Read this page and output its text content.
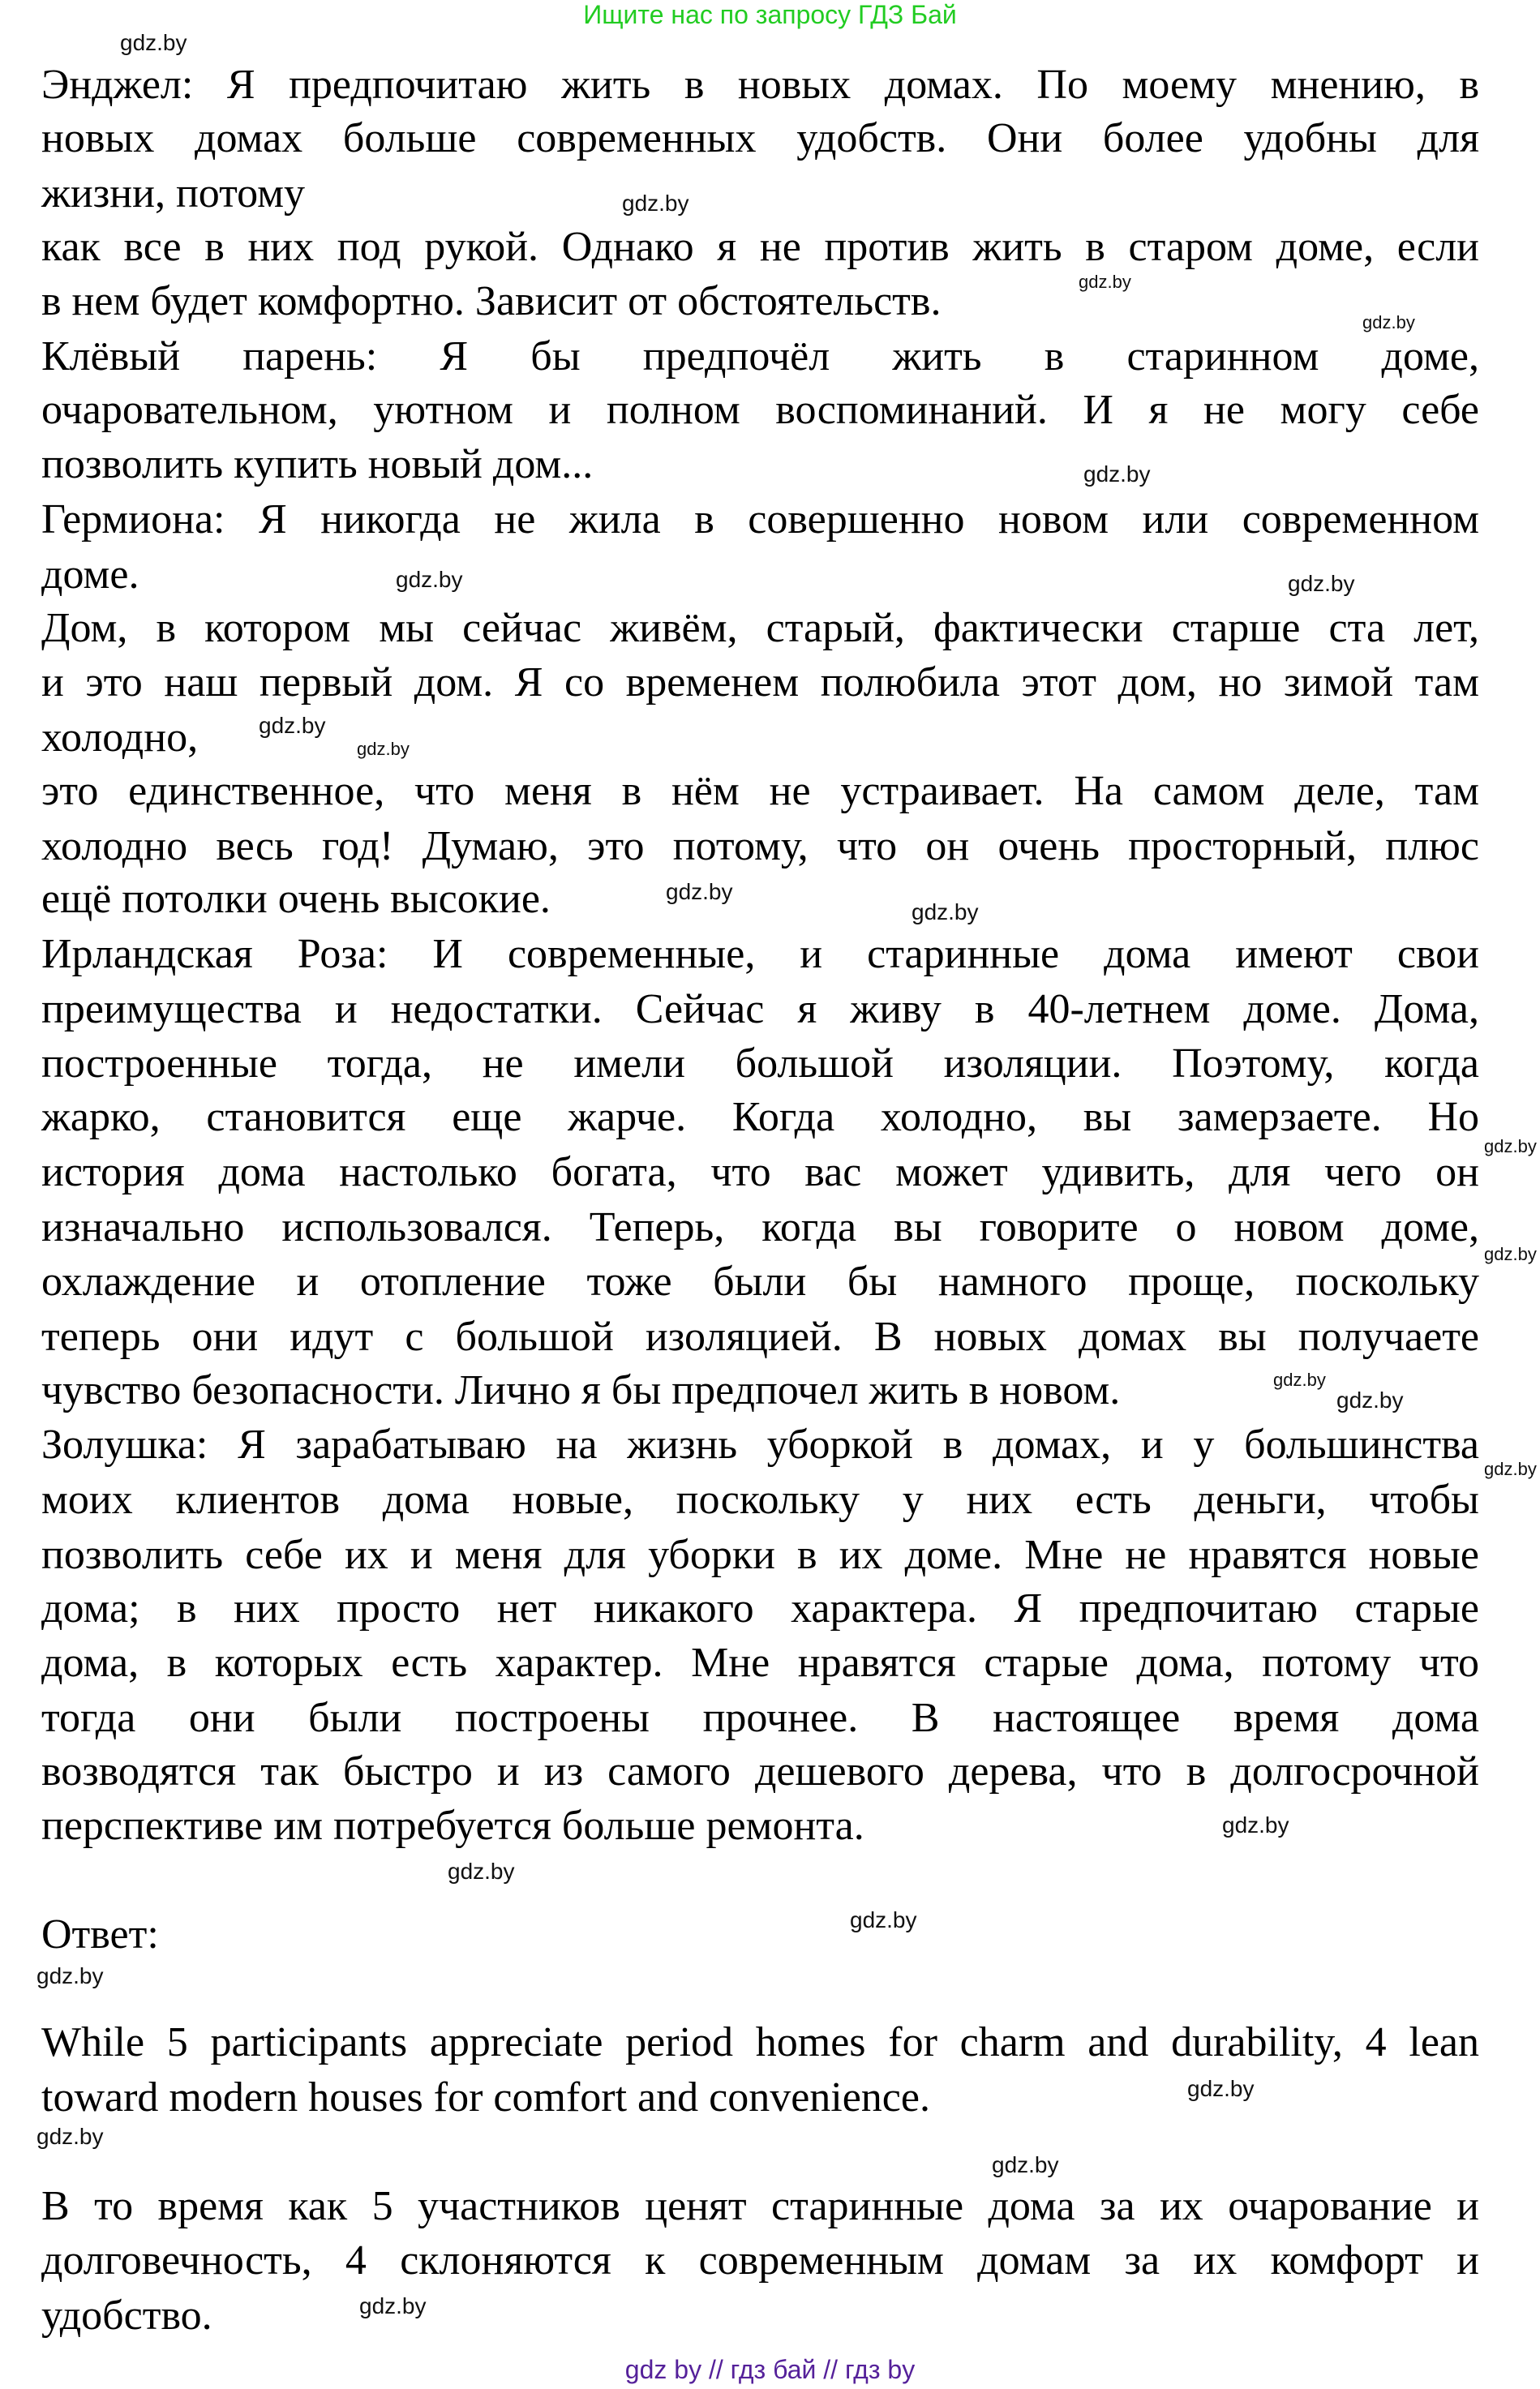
Ищите нас по запросу ГДЗ Бай
Энджел: Я предпочитаю жить в новых домах. По моему мнению, в
новых домах больше современных удобств. Они более удобны для
жизни, потому
как все в них под рукой. Однако я не против жить в старом доме, если
в нем будет комфортно. Зависит от обстоятельств.
Клёвый парень: Я бы предпочёл жить в старинном доме,
очаровательном, уютном и полном воспоминаний. И я не могу себе
позволить купить новый дом...
Гермиона: Я никогда не жила в совершенно новом или современном
доме.
Дом, в котором мы сейчас живём, старый, фактически старше ста лет,
и это наш первый дом. Я со временем полюбила этот дом, но зимой там
холодно,
это единственное, что меня в нём не устраивает. На самом деле, там
холодно весь год! Думаю, это потому, что он очень просторный, плюс
ещё потолки очень высокие.
Ирландская Роза: И современные, и старинные дома имеют свои
преимущества и недостатки. Сейчас я живу в 40-летнем доме. Дома,
построенные тогда, не имели большой изоляции. Поэтому, когда
жарко, становится еще жарче. Когда холодно, вы замерзаете. Но
история дома настолько богата, что вас может удивить, для чего он
изначально использовался. Теперь, когда вы говорите о новом доме,
охлаждение и отопление тоже были бы намного проще, поскольку
теперь они идут с большой изоляцией. В новых домах вы получаете
чувство безопасности. Лично я бы предпочел жить в новом.
Золушка: Я зарабатываю на жизнь уборкой в домах, и у большинства
моих клиентов дома новые, поскольку у них есть деньги, чтобы
позволить себе их и меня для уборки в их доме. Мне не нравятся новые
дома; в них просто нет никакого характера. Я предпочитаю старые
дома, в которых есть характер. Мне нравятся старые дома, потому что
тогда они были построены прочнее. В настоящее время дома
возводятся так быстро и из самого дешевого дерева, что в долгосрочной
перспективе им потребуется больше ремонта.
Ответ:
While 5 participants appreciate period homes for charm and durability, 4 lean
toward modern houses for comfort and convenience.
В то время как 5 участников ценят старинные дома за их очарование и
долговечность, 4 склоняются к современным домам за их комфорт и
удобство.
gdz.by
gdz.by
gdz.by
gdz.by
gdz.by
gdz.by	gdz.by
gdz.by
gdz.by
gdz.by
gdz.by
gdz.by
gdz.by
gdz.by
gdz.by
gdz.by
gdz.by
gdz.by
gdz.by
gdz.by
gdz.by
gdz.by
gdz.by
gdz.by
gdz by // гдз бай // гдз by
